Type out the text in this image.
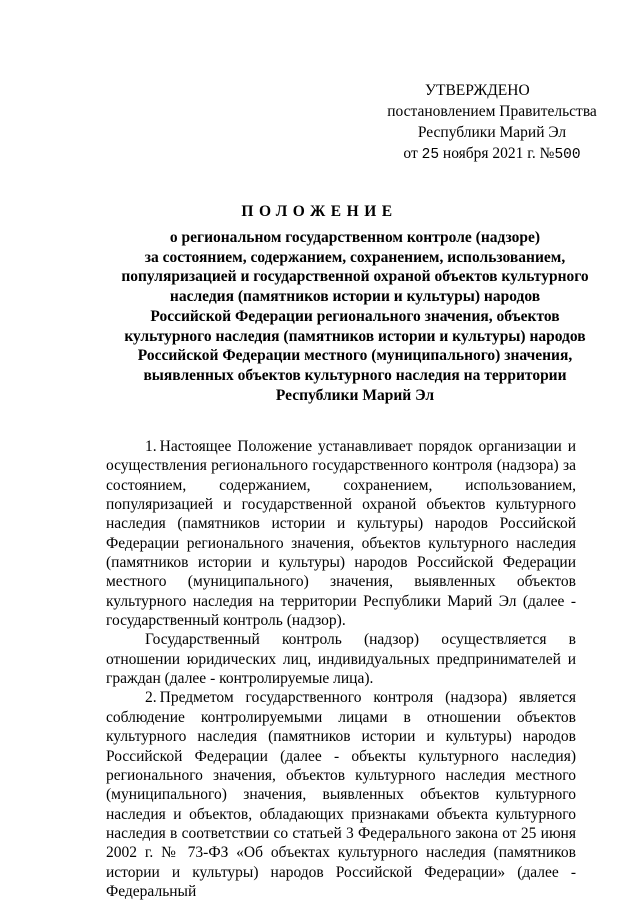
УТВЕРЖДЕНО
постановлением Правительства
Республики Марий Эл
от 25 ноября 2021 г. №500
ПОЛОЖЕНИЕ
о региональном государственном контроле (надзоре)
за состоянием, содержанием, сохранением, использованием,
популяризацией и государственной охраной объектов культурного
наследия (памятников истории и культуры) народов
Российской Федерации регионального значения, объектов
культурного наследия (памятников истории и культуры) народов
Российской Федерации местного (муниципального) значения,
выявленных объектов культурного наследия на территории
Республики Марий Эл

1. Настоящее Положение устанавливает порядок организации и осуществления регионального государственного контроля (надзора) за состоянием, содержанием, сохранением, использованием, популяризацией и государственной охраной объектов культурного наследия (памятников истории и культуры) народов Российской Федерации регионального значения, объектов культурного наследия (памятников истории и культуры) народов Российской Федерации местного (муниципального) значения, выявленных объектов культурного наследия на территории Республики Марий Эл (далее - государственный контроль (надзор).

Государственный контроль (надзор) осуществляется в отношении юридических лиц, индивидуальных предпринимателей и граждан (далее - контролируемые лица).

2. Предметом государственного контроля (надзора) является соблюдение контролируемыми лицами в отношении объектов культурного наследия (памятников истории и культуры) народов Российской Федерации (далее - объекты культурного наследия) регионального значения, объектов культурного наследия местного (муниципального) значения, выявленных объектов культурного наследия и объектов, обладающих признаками объекта культурного наследия в соответствии со статьей 3 Федерального закона от 25 июня 2002 г. № 73-ФЗ «Об объектах культурного наследия (памятников истории и культуры) народов Российской Федерации» (далее - Федеральный
